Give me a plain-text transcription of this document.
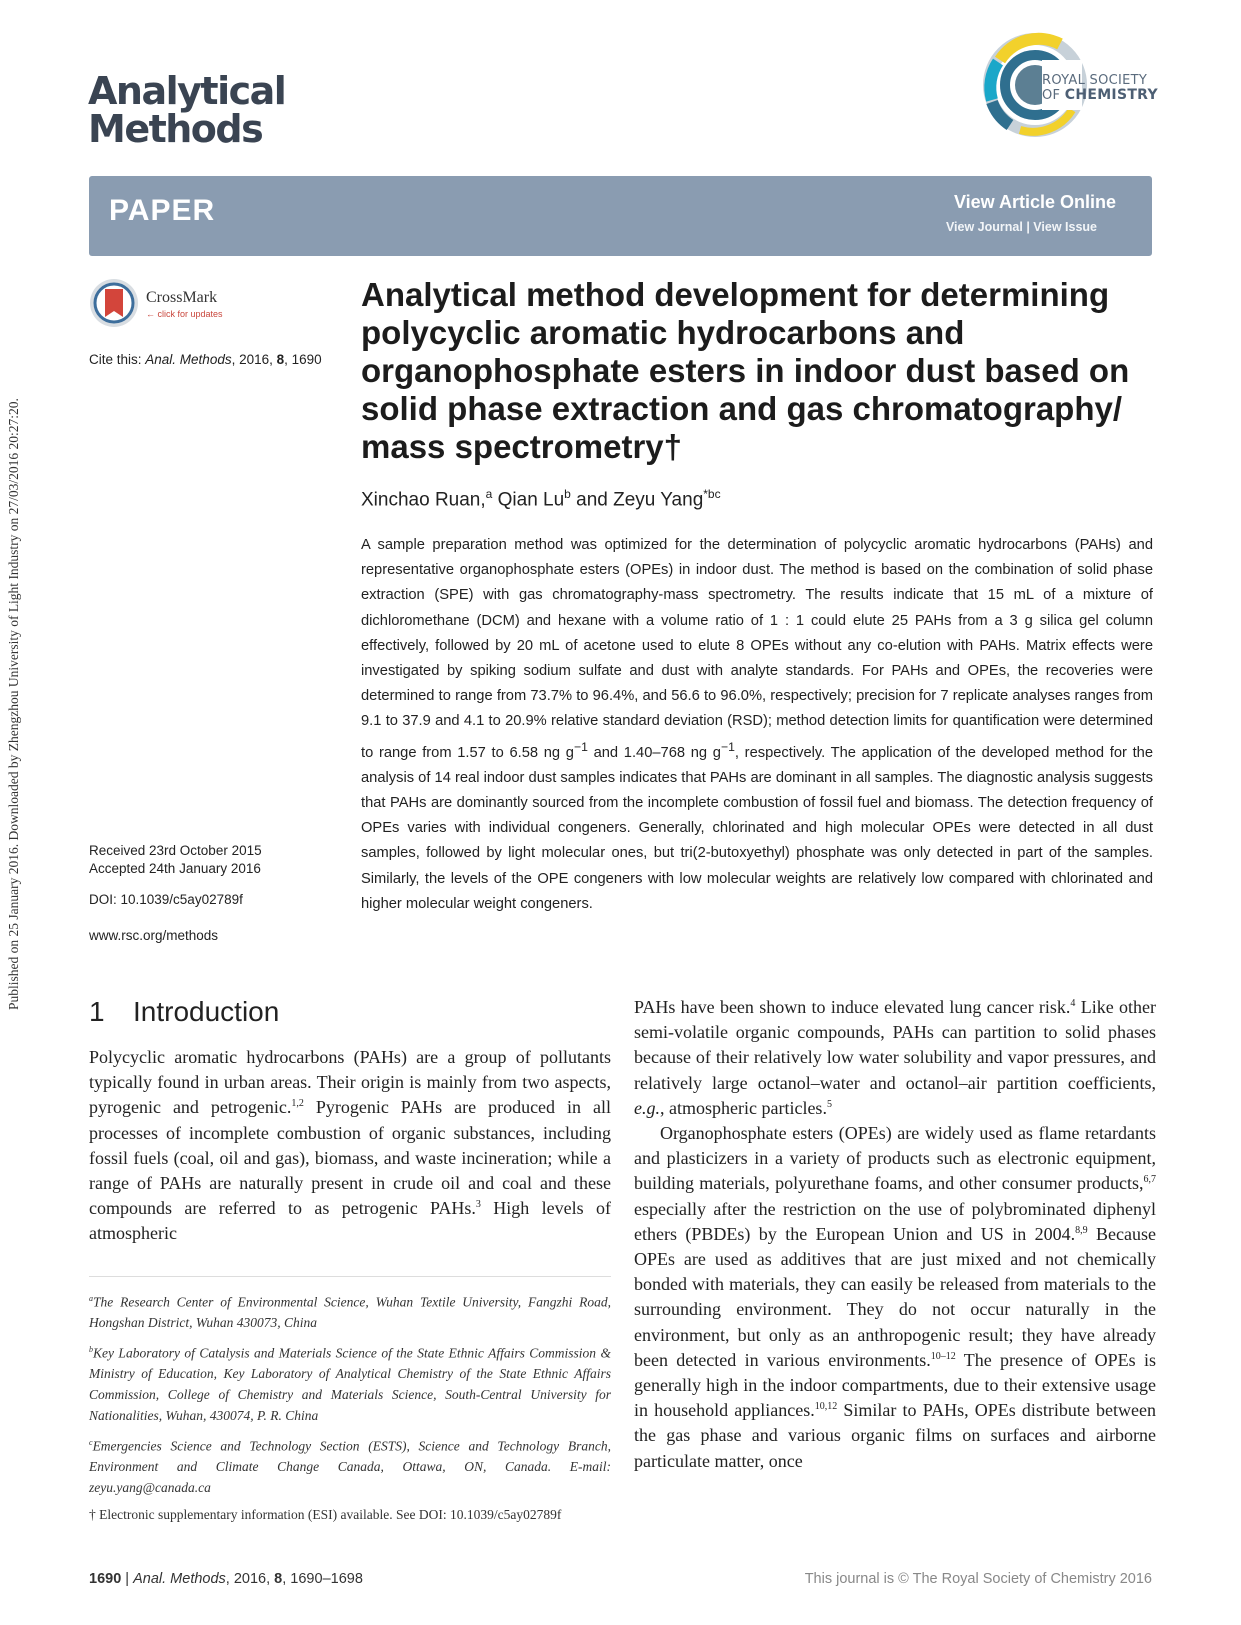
Published on 25 January 2016. Downloaded by Zhengzhou University of Light Industry on 27/03/2016 20:27:20.
Analytical
Methods
ROYAL SOCIETY
OF CHEMISTRY
PAPER	View Article Online
View Journal | View Issue
CrossMark
← click for updates
Cite this: Anal. Methods, 2016, 8, 1690
Received 23rd October 2015
Accepted 24th January 2016
DOI: 10.1039/c5ay02789f
www.rsc.org/methods
Analytical method development for determining polycyclic aromatic hydrocarbons and organophosphate esters in indoor dust based on solid phase extraction and gas chromatography/ mass spectrometry†
Xinchao Ruan,$^a$ Qian Lu$^b$ and Zeyu Yang$^{*bc}$

A sample preparation method was optimized for the determination of polycyclic aromatic hydrocarbons (PAHs) and representative organophosphate esters (OPEs) in indoor dust. The method is based on the combination of solid phase extraction (SPE) with gas chromatography-mass spectrometry. The results indicate that 15 mL of a mixture of dichloromethane (DCM) and hexane with a volume ratio of 1 : 1 could elute 25 PAHs from a 3 g silica gel column effectively, followed by 20 mL of acetone used to elute 8 OPEs without any co-elution with PAHs. Matrix effects were investigated by spiking sodium sulfate and dust with analyte standards. For PAHs and OPEs, the recoveries were determined to range from 73.7% to 96.4%, and 56.6 to 96.0%, respectively; precision for 7 replicate analyses ranges from 9.1 to 37.9 and 4.1 to 20.9% relative standard deviation (RSD); method detection limits for quantification were determined to range from 1.57 to 6.58 ng $g^{-1}$ and 1.40–768 ng $g^{-1}$, respectively. The application of the developed method for the analysis of 14 real indoor dust samples indicates that PAHs are dominant in all samples. The diagnostic analysis suggests that PAHs are dominantly sourced from the incomplete combustion of fossil fuel and biomass. The detection frequency of OPEs varies with individual congeners. Generally, chlorinated and high molecular OPEs were detected in all dust samples, followed by light molecular ones, but tri(2-butoxyethyl) phosphate was only detected in part of the samples. Similarly, the levels of the OPE congeners with low molecular weights are relatively low compared with chlorinated and higher molecular weight congeners.

1 Introduction

Polycyclic aromatic hydrocarbons (PAHs) are a group of pollutants typically found in urban areas. Their origin is mainly from two aspects, pyrogenic and petrogenic.$^{1,2}$ Pyrogenic PAHs are produced in all processes of incomplete combustion of organic substances, including fossil fuels (coal, oil and gas), biomass, and waste incineration; while a range of PAHs are naturally present in crude oil and coal and these compounds are referred to as petrogenic PAHs.$^3$ High levels of atmospheric

PAHs have been shown to induce elevated lung cancer risk.$^4$ Like other semi-volatile organic compounds, PAHs can partition to solid phases because of their relatively low water solubility and vapor pressures, and relatively large octanol–water and octanol–air partition coefficients, e.g., atmospheric particles.$^5$

Organophosphate esters (OPEs) are widely used as flame retardants and plasticizers in a variety of products such as electronic equipment, building materials, polyurethane foams, and other consumer products,$^{6,7}$ especially after the restriction on the use of polybrominated diphenyl ethers (PBDEs) by the European Union and US in 2004.$^{8,9}$ Because OPEs are used as additives that are just mixed and not chemically bonded with materials, they can easily be released from materials to the surrounding environment. They do not occur naturally in the environment, but only as an anthropogenic result; they have already been detected in various environments.$^{10-12}$ The presence of OPEs is generally high in the indoor compartments, due to their extensive usage in household appliances.$^{10,12}$ Similar to PAHs, OPEs distribute between the gas phase and various organic films on surfaces and airborne particulate matter, once

$^a$The Research Center of Environmental Science, Wuhan Textile University, Fangzhi Road, Hongshan District, Wuhan 430073, China

$^b$Key Laboratory of Catalysis and Materials Science of the State Ethnic Affairs Commission & Ministry of Education, Key Laboratory of Analytical Chemistry of the State Ethnic Affairs Commission, College of Chemistry and Materials Science, South-Central University for Nationalities, Wuhan, 430074, P. R. China

$^c$Emergencies Science and Technology Section (ESTS), Science and Technology Branch, Environment and Climate Change Canada, Ottawa, ON, Canada. E-mail: zeyu.yang@canada.ca

† Electronic supplementary information (ESI) available. See DOI: 10.1039/c5ay02789f

1690 | Anal. Methods, 2016, 8, 1690–1698	This journal is © The Royal Society of Chemistry 2016
